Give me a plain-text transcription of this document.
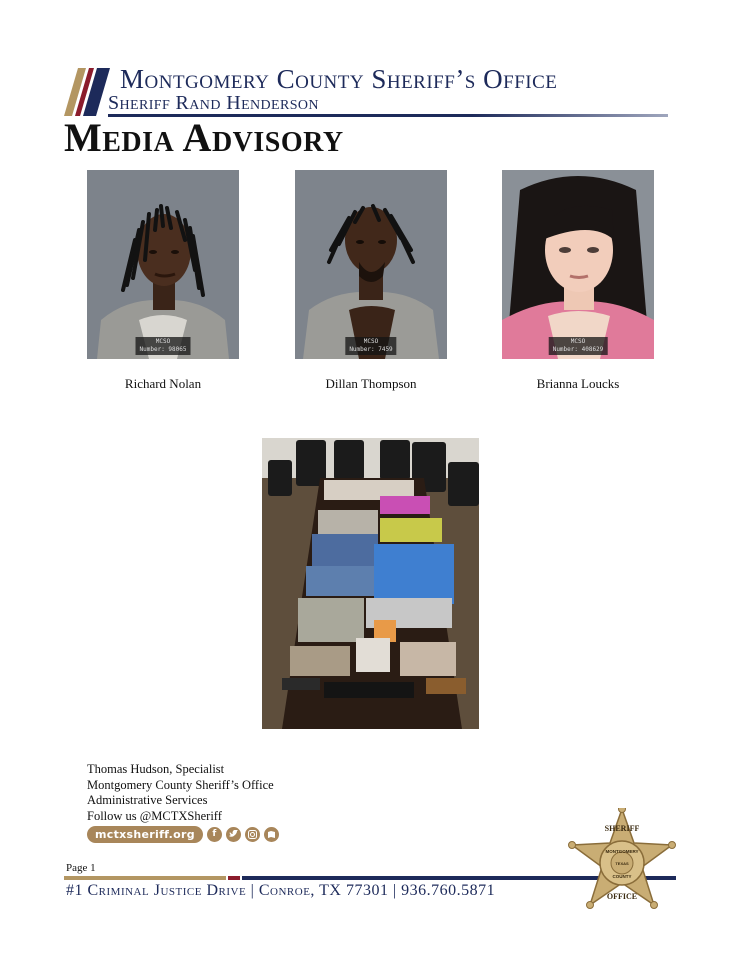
Montgomery County Sheriff’s Office
Sheriff Rand Henderson
Media Advisory
MCSO
Number: 98065
MCSO
Number: 7459
MCSO
Number: 408629
Richard Nolan	Dillan Thompson	Brianna Loucks
Thomas Hudson, Specialist
Montgomery County Sheriff’s Office
Administrative Services
Follow us @MCTXSheriff
mctxsheriff.org	f
Page 1
#1 Criminal Justice Drive | Conroe, TX 77301 | 936.760.5871
SHERIFF
MONTGOMERY
TEXAS
COUNTY
OFFICE
